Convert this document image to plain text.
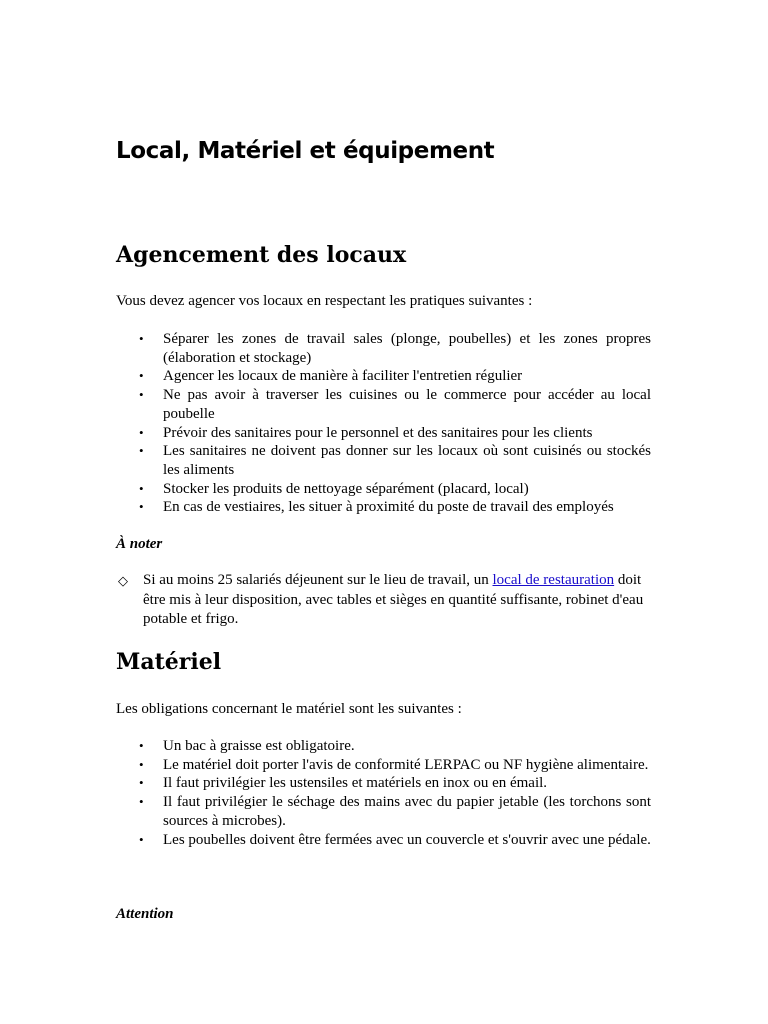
Local, Matériel et équipement
Agencement des locaux

Vous devez agencer vos locaux en respectant les pratiques suivantes :

• Séparer les zones de travail sales (plonge, poubelles) et les zones propres (élaboration et stockage)
• Agencer les locaux de manière à faciliter l'entretien régulier
• Ne pas avoir à traverser les cuisines ou le commerce pour accéder au local poubelle
• Prévoir des sanitaires pour le personnel et des sanitaires pour les clients
• Les sanitaires ne doivent pas donner sur les locaux où sont cuisinés ou stockés les aliments
• Stocker les produits de nettoyage séparément (placard, local)
• En cas de vestiaires, les situer à proximité du poste de travail des employés

À noter

◇	Si au moins 25 salariés déjeunent sur le lieu de travail, un local de restauration doit être mis à leur disposition, avec tables et sièges en quantité suffisante, robinet d'eau potable et frigo.
Matériel

Les obligations concernant le matériel sont les suivantes :

• Un bac à graisse est obligatoire.
• Le matériel doit porter l'avis de conformité LERPAC ou NF hygiène alimentaire.
• Il faut privilégier les ustensiles et matériels en inox ou en émail.
• Il faut privilégier le séchage des mains avec du papier jetable (les torchons sont sources à microbes).
• Les poubelles doivent être fermées avec un couvercle et s'ouvrir avec une pédale.

Attention
